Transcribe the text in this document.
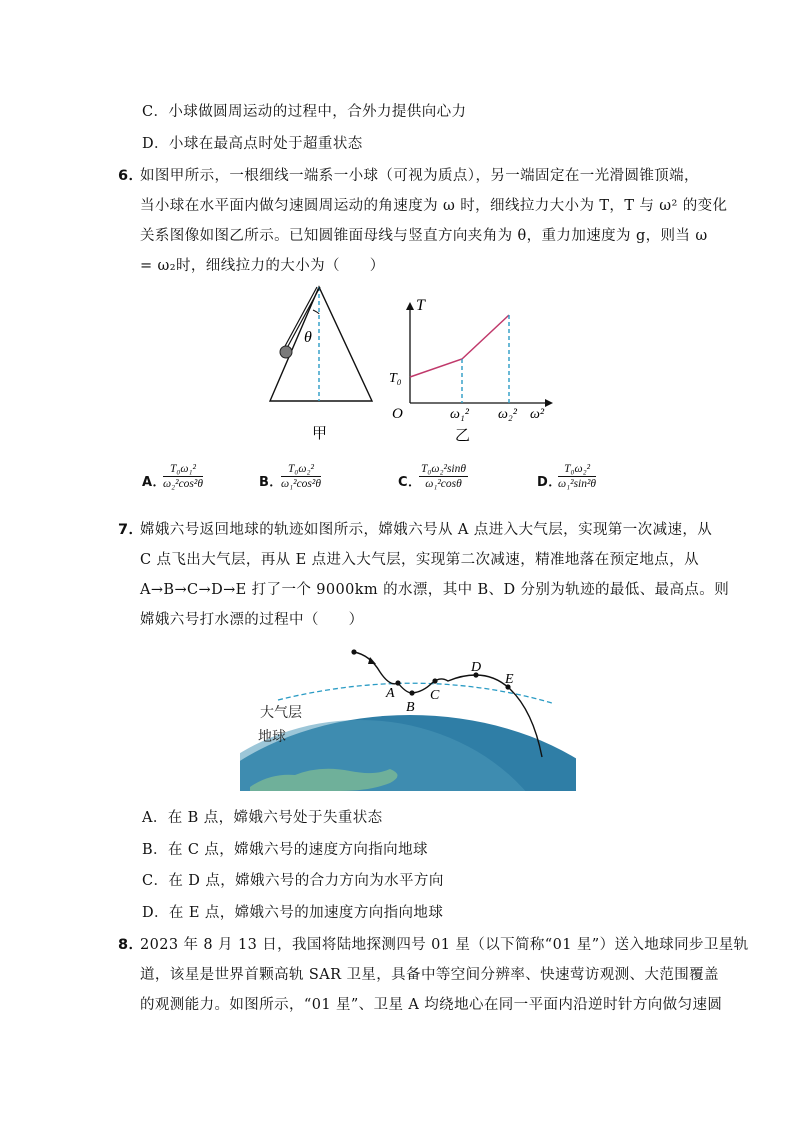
C．小球做圆周运动的过程中，合外力提供向心力
D．小球在最高点时处于超重状态
6．
如图甲所示，一根细线一端系一小球（可视为质点），另一端固定在一光滑圆锥顶端，
当小球在水平面内做匀速圆周运动的角速度为 ω 时，细线拉力大小为 T，T 与 ω² 的变化
关系图像如图乙所示。已知圆锥面母线与竖直方向夹角为 θ，重力加速度为 g，则当 ω
= ω₂时，细线拉力的大小为（　　）
θ
甲
T
T₀
O	ω₁² ω₂² ω²
乙
A．
$\frac{\text{T₀ω₁²}}{\text{ω₂²cos²θ}}$	B．
$\frac{\text{T₀ω₂²}}{\text{ω₁²cos²θ}}$	C．
$\frac{\text{T₀ω₂²sinθ}}{\text{ω₁²cosθ}}$	D．
$\frac{\text{T₀ω₂²}}{\text{ω₁²sin²θ}}$
7．
嫦娥六号返回地球的轨迹如图所示，嫦娥六号从 A 点进入大气层，实现第一次减速，从
C 点飞出大气层，再从 E 点进入大气层，实现第二次减速，精准地落在预定地点，从
A→B→C→D→E 打了一个 9000km 的水漂，其中 B、D 分别为轨迹的最低、最高点。则
嫦娥六号打水漂的过程中（　　）
A
B
C
D
E
大气层
地球
A．在 B 点，嫦娥六号处于失重状态
B．在 C 点，嫦娥六号的速度方向指向地球
C．在 D 点，嫦娥六号的合力方向为水平方向
D．在 E 点，嫦娥六号的加速度方向指向地球
8．
2023 年 8 月 13 日，我国将陆地探测四号 01 星（以下简称“01 星”）送入地球同步卫星轨
道，该星是世界首颗高轨 SAR 卫星，具备中等空间分辨率、快速莺访观测、大范围覆盖
的观测能力。如图所示，“01 星”、卫星 A 均绕地心在同一平面内沿逆时针方向做匀速圆
